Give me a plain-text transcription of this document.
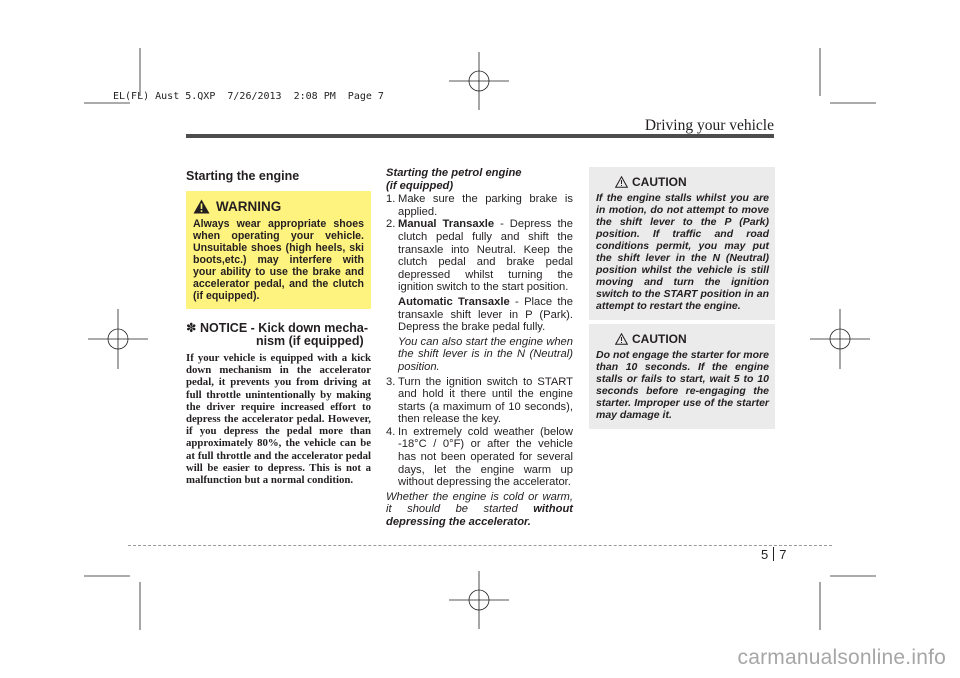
EL(FL) Aust 5.QXP  7/26/2013  2:08 PM  Page 7
Driving your vehicle
Starting the engine
WARNING
Always wear appropriate shoes when operating your vehicle. Unsuitable shoes (high heels, ski boots,etc.) may interfere with your ability to use the brake and accelerator pedal, and the clutch (if equipped).
✽ NOTICE - Kick down mecha-
nism (if equipped)
If your vehicle is equipped with a kick down mechanism in the accelerator pedal, it prevents you from driving at full throttle unintentionally by making the driver require increased effort to depress the accelerator pedal. However, if you depress the pedal more than approximately 80%, the vehicle can be at full throttle and the accelerator pedal will be easier to depress. This is not a malfunction but a normal condition.
Starting the petrol engine
(if equipped)
1. Make sure the parking brake is applied.
2. Manual Transaxle - Depress the clutch pedal fully and shift the transaxle into Neutral. Keep the clutch pedal and brake pedal depressed whilst turning the ignition switch to the start position.
Automatic Transaxle - Place the transaxle shift lever in P (Park). Depress the brake pedal fully.
You can also start the engine when the shift lever is in the N (Neutral) position.
3. Turn the ignition switch to START and hold it there until the engine starts (a maximum of 10 seconds), then release the key.
4. In extremely cold weather (below -18°C / 0°F) or after the vehicle has not been operated for several days, let the engine warm up without depressing the accelerator.
Whether the engine is cold or warm, it should be started without depressing the accelerator.
CAUTION
If the engine stalls whilst you are in motion, do not attempt to move the shift lever to the P (Park) position. If traffic and road conditions permit, you may put the shift lever in the N (Neutral) position whilst the vehicle is still moving and turn the ignition switch to the START position in an attempt to restart the engine.
CAUTION
Do not engage the starter for more than 10 seconds. If the engine stalls or fails to start, wait 5 to 10 seconds before re-engaging the starter. Improper use of the starter may damage it.
5 7
carmanualsonline.info
